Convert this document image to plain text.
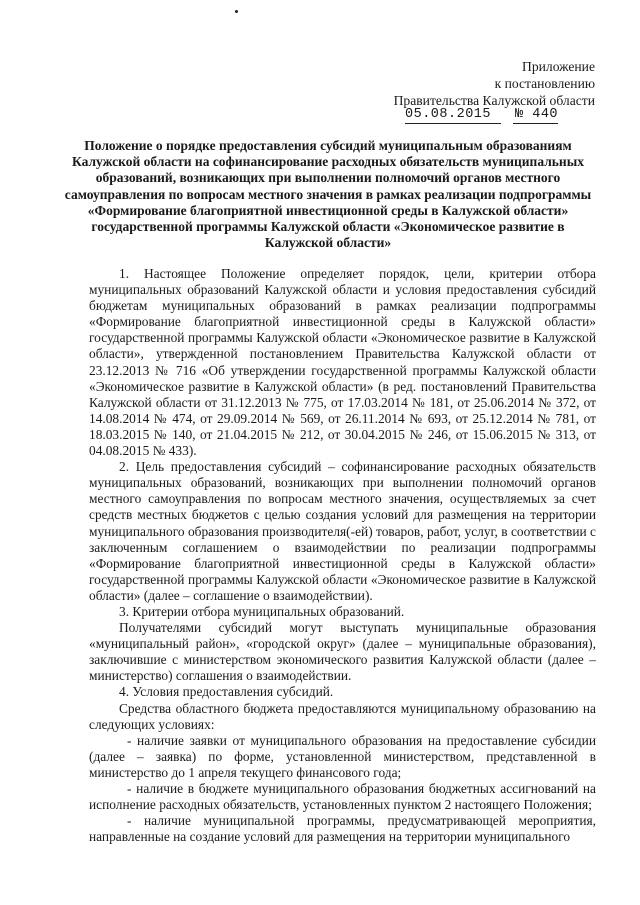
Приложение
к постановлению
Правительства Калужской области
05.08.2015 № 440
Положение о порядке предоставления субсидий муниципальным образованиям Калужской области на софинансирование расходных обязательств муниципальных образований, возникающих при выполнении полномочий органов местного самоуправления по вопросам местного значения в рамках реализации подпрограммы «Формирование благоприятной инвестиционной среды в Калужской области» государственной программы Калужской области «Экономическое развитие в Калужской области»

1. Настоящее Положение определяет порядок, цели, критерии отбора муниципальных образований Калужской области и условия предоставления субсидий бюджетам муниципальных образований в рамках реализации подпрограммы «Формирование благоприятной инвестиционной среды в Калужской области» государственной программы Калужской области «Экономическое развитие в Калужской области», утвержденной постановлением Правительства Калужской области от 23.12.2013 № 716 «Об утверждении государственной программы Калужской области «Экономическое развитие в Калужской области» (в ред. постановлений Правительства Калужской области от 31.12.2013 № 775, от 17.03.2014 № 181, от 25.06.2014 № 372, от 14.08.2014 № 474, от 29.09.2014 № 569, от 26.11.2014 № 693, от 25.12.2014 № 781, от 18.03.2015 № 140, от 21.04.2015 № 212, от 30.04.2015 № 246, от 15.06.2015 № 313, от 04.08.2015 № 433).

2. Цель предоставления субсидий – софинансирование расходных обязательств муниципальных образований, возникающих при выполнении полномочий органов местного самоуправления по вопросам местного значения, осуществляемых за счет средств местных бюджетов с целью создания условий для размещения на территории муниципального образования производителя(-ей) товаров, работ, услуг, в соответствии с заключенным соглашением о взаимодействии по реализации подпрограммы «Формирование благоприятной инвестиционной среды в Калужской области» государственной программы Калужской области «Экономическое развитие в Калужской области» (далее – соглашение о взаимодействии).

3. Критерии отбора муниципальных образований.

Получателями субсидий могут выступать муниципальные образования «муниципальный район», «городской округ» (далее – муниципальные образования), заключившие с министерством экономического развития Калужской области (далее – министерство) соглашения о взаимодействии.

4. Условия предоставления субсидий.

Средства областного бюджета предоставляются муниципальному образованию на следующих условиях:

- наличие заявки от муниципального образования на предоставление субсидии (далее – заявка) по форме, установленной министерством, представленной в министерство до 1 апреля текущего финансового года;

- наличие в бюджете муниципального образования бюджетных ассигнований на исполнение расходных обязательств, установленных пунктом 2 настоящего Положения;

- наличие муниципальной программы, предусматривающей мероприятия, направленные на создание условий для размещения на территории муниципального
